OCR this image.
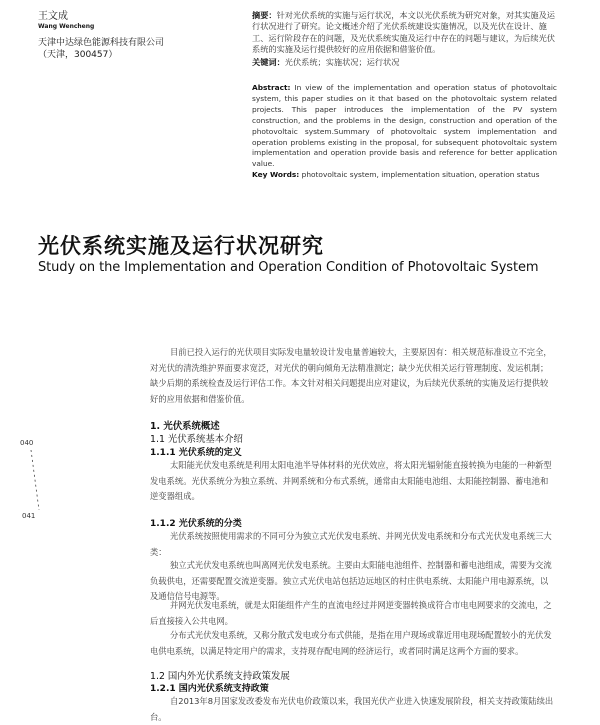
王文成
Wang Wencheng
天津中达绿色能源科技有限公司
（天津，300457）
摘要：针对光伏系统的实施与运行状况，本文以光伏系统为研究对象，对其实施及运行状况进行了研究。论文概述介绍了光伏系统建设实施情况，以及光伏在设计、施工、运行阶段存在的问题，及光伏系统实施及运行中存在的问题与建议，为后续光伏系统的实施及运行提供较好的应用依据和借鉴价值。
关键词：光伏系统；实施状况；运行状况
Abstract: In view of the implementation and operation status of photovoltaic system, this paper studies on it that based on the photovoltaic system related projects. This paper introduces the implementation of the PV system construction, and the problems in the design, construction and operation of the photovoltaic system.Summary of photovoltaic system implementation and operation problems existing in the proposal, for subsequent photovoltaic system implementation and operation provide basis and reference for better application value.
Key Words: photovoltaic system, implementation situation, operation status
光伏系统实施及运行状况研究
Study on the Implementation and Operation Condition of Photovoltaic System
目前已投入运行的光伏项目实际发电量较设计发电量普遍较大，主要原因有：相关规范标准设立不完全，对光伏的清洗维护界面要求宽泛，对光伏的朝向倾角无法精准测定；缺少光伏相关运行管理制度、发运机制；缺少后期的系统检查及运行评估工作。本文针对相关问题提出应对建议，为后续光伏系统的实施及运行提供较好的应用依据和借鉴价值。
1. 光伏系统概述
1.1 光伏系统基本介绍
1.1.1 光伏系统的定义
太阳能光伏发电系统是利用太阳电池半导体材料的光伏效应，将太阳光辐射能直接转换为电能的一种新型发电系统。光伏系统分为独立系统、并网系统和分布式系统，通常由太阳能电池组、太阳能控制器、蓄电池和逆变器组成。
1.1.2 光伏系统的分类
光伏系统按照使用需求的不同可分为独立式光伏发电系统、并网光伏发电系统和分布式光伏发电系统三大类：
独立式光伏发电系统也叫离网光伏发电系统。主要由太阳能电池组件、控制器和蓄电池组成，需要为交流负载供电，还需要配置交流逆变器。独立式光伏电站包括边远地区的村庄供电系统、太阳能户用电源系统，以及通信信号电源等。
并网光伏发电系统，就是太阳能组件产生的直流电经过并网逆变器转换成符合市电电网要求的交流电，之后直接接入公共电网。
分布式光伏发电系统，又称分散式发电或分布式供能，是指在用户现场或靠近用电现场配置较小的光伏发电供电系统，以满足特定用户的需求，支持现存配电网的经济运行，或者同时满足这两个方面的要求。
1.2 国内外光伏系统支持政策发展
1.2.1 国内光伏系统支持政策
自2013年8月国家发改委发布光伏电价政策以来，我国光伏产业进入快速发展阶段，相关支持政策陆续出台。
040
041
